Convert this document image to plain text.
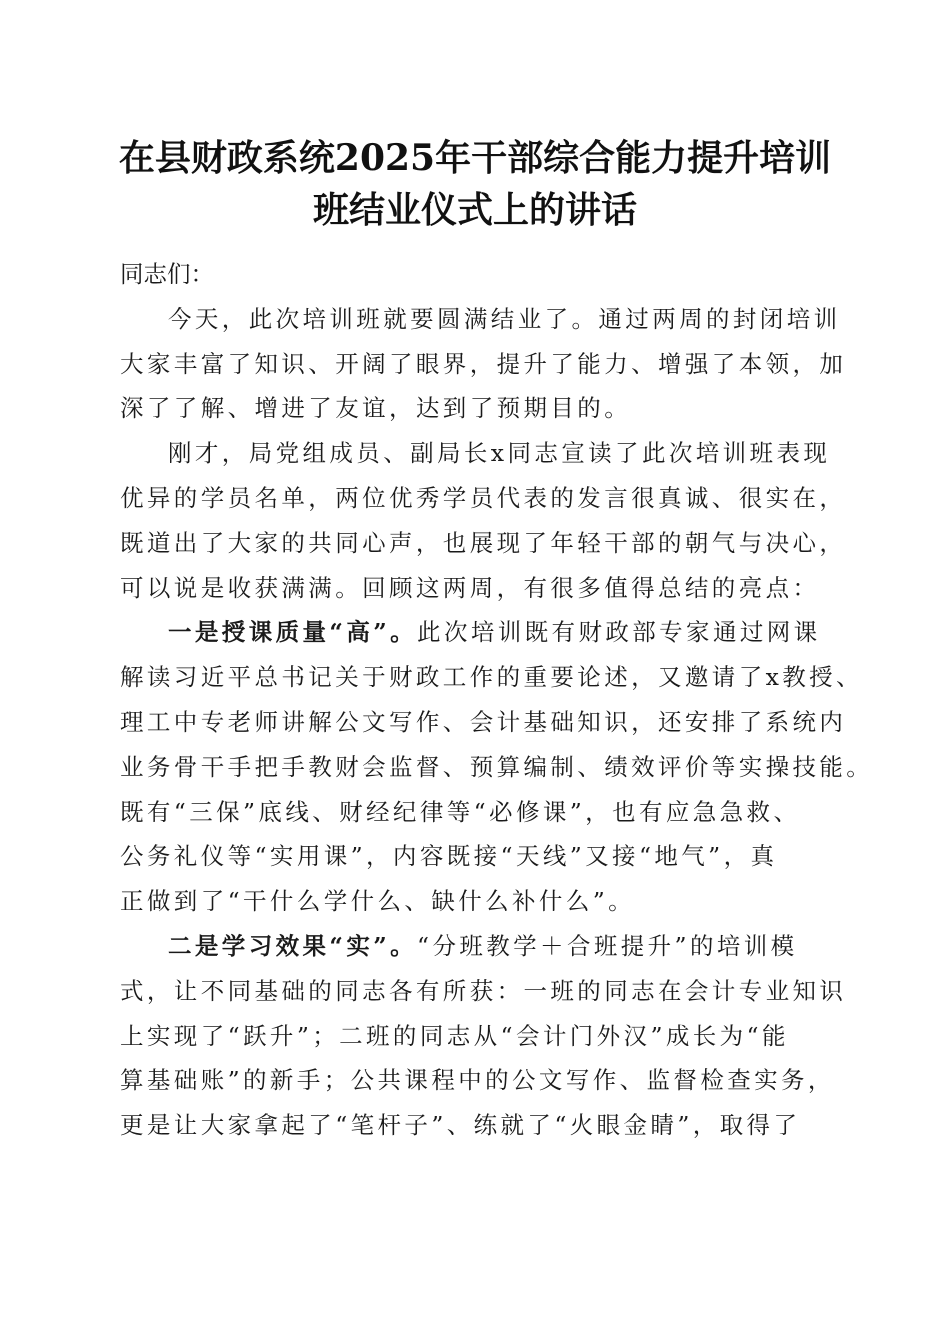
在县财政系统2025年干部综合能力提升培训
班结业仪式上的讲话

同志们：

今天，此次培训班就要圆满结业了。通过两周的封闭培训
大家丰富了知识、开阔了眼界，提升了能力、增强了本领，加
深了了解、增进了友谊，达到了预期目的。
刚才，局党组成员、副局长x同志宣读了此次培训班表现
优异的学员名单，两位优秀学员代表的发言很真诚、很实在，
既道出了大家的共同心声，也展现了年轻干部的朝气与决心，
可以说是收获满满。回顾这两周，有很多值得总结的亮点：
一是授课质量“高”。此次培训既有财政部专家通过网课
解读习近平总书记关于财政工作的重要论述，又邀请了x教授、
理工中专老师讲解公文写作、会计基础知识，还安排了系统内
业务骨干手把手教财会监督、预算编制、绩效评价等实操技能。
既有“三保”底线、财经纪律等“必修课”，也有应急急救、
公务礼仪等“实用课”，内容既接“天线”又接“地气”，真
正做到了“干什么学什么、缺什么补什么”。
二是学习效果“实”。“分班教学＋合班提升”的培训模
式，让不同基础的同志各有所获：一班的同志在会计专业知识
上实现了“跃升”；二班的同志从“会计门外汉”成长为“能
算基础账”的新手；公共课程中的公文写作、监督检查实务，
更是让大家拿起了“笔杆子”、练就了“火眼金睛”，取得了
